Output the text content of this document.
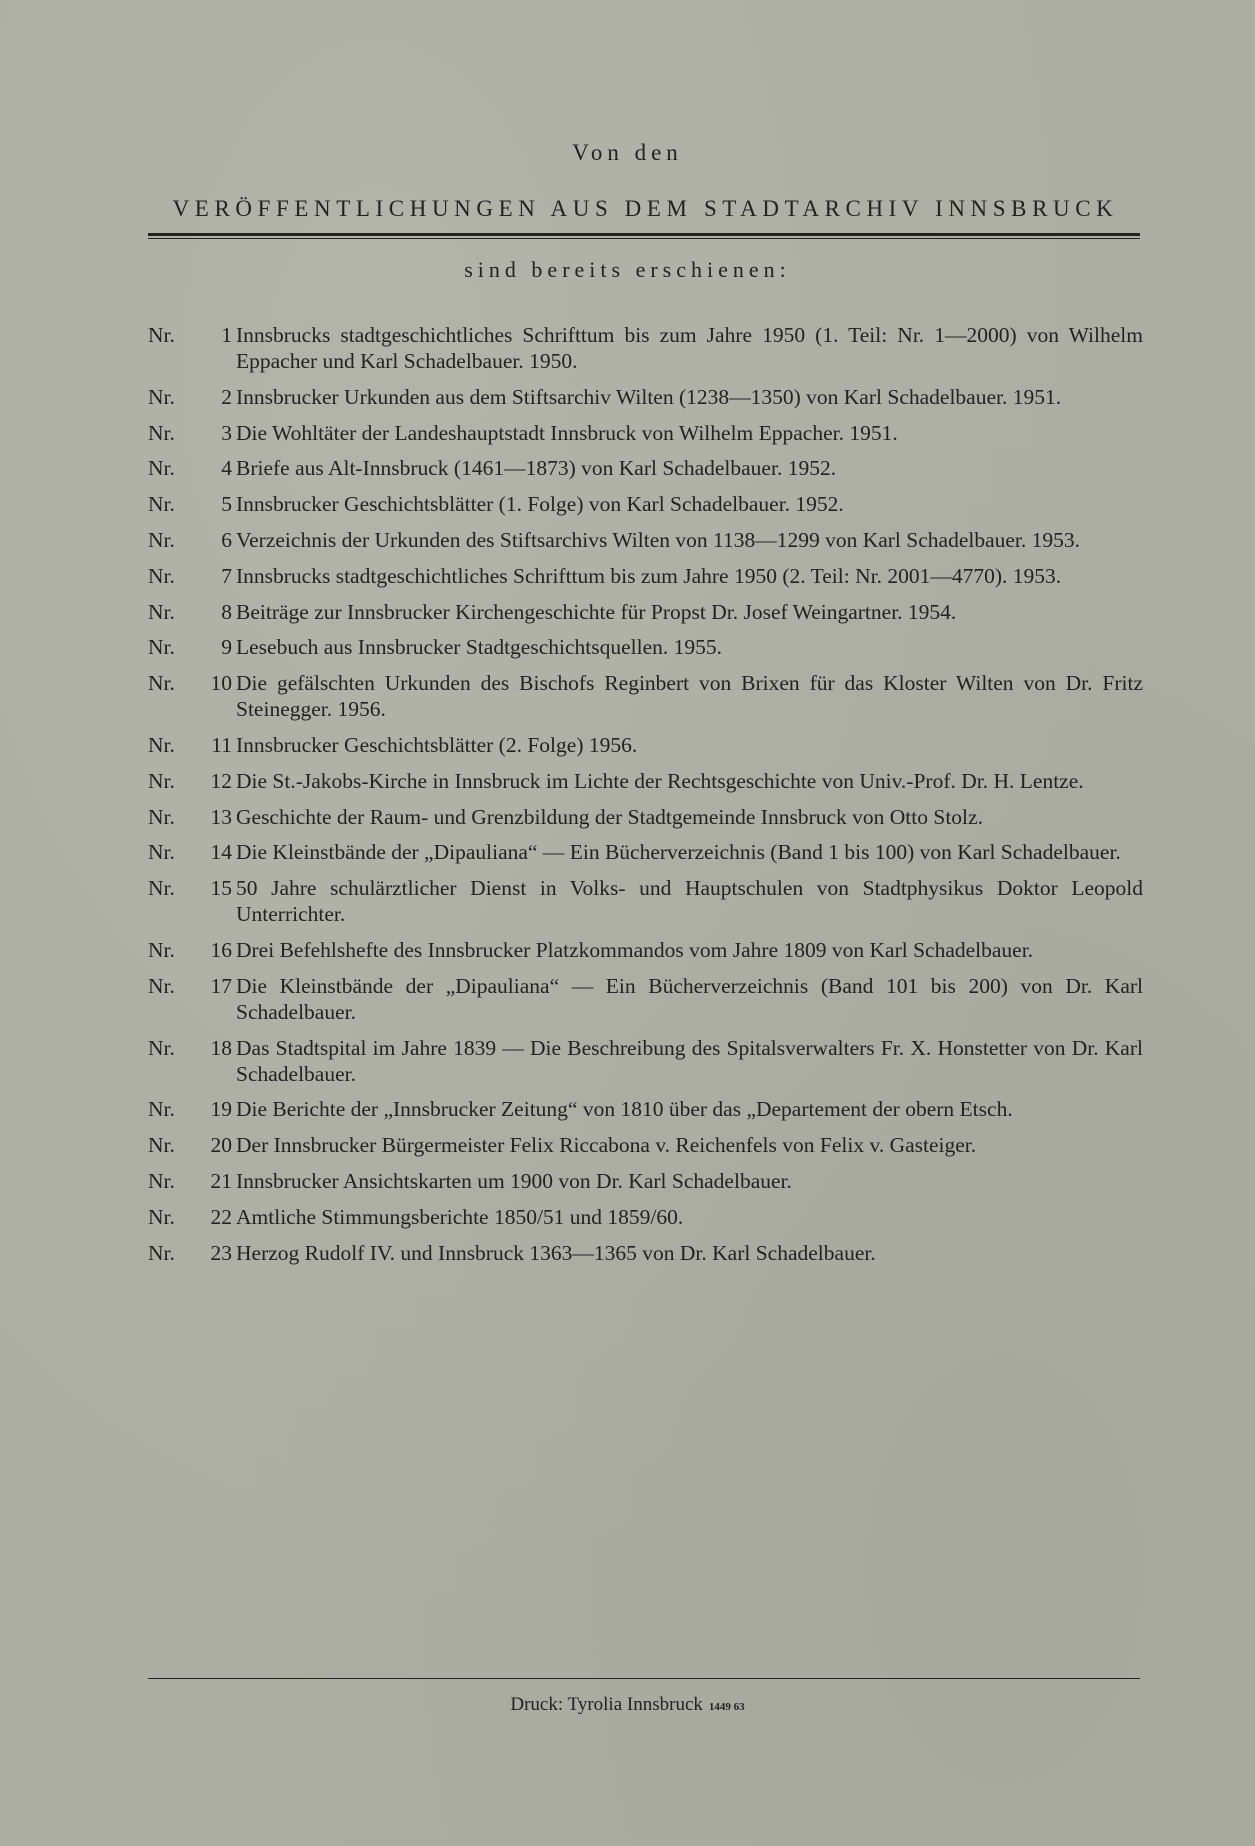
Von den
VERÖFFENTLICHUNGEN AUS DEM STADTARCHIV INNSBRUCK
sind bereits erschienen:
Nr. 1 Innsbrucks stadtgeschichtliches Schrifttum bis zum Jahre 1950 (1. Teil: Nr. 1—2000) von Wilhelm Eppacher und Karl Schadelbauer. 1950.
Nr. 2 Innsbrucker Urkunden aus dem Stiftsarchiv Wilten (1238—1350) von Karl Schadelbauer. 1951.
Nr. 3 Die Wohltäter der Landeshauptstadt Innsbruck von Wilhelm Eppacher. 1951.
Nr. 4 Briefe aus Alt-Innsbruck (1461—1873) von Karl Schadelbauer. 1952.
Nr. 5 Innsbrucker Geschichtsblätter (1. Folge) von Karl Schadelbauer. 1952.
Nr. 6 Verzeichnis der Urkunden des Stiftsarchivs Wilten von 1138—1299 von Karl Schadelbauer. 1953.
Nr. 7 Innsbrucks stadtgeschichtliches Schrifttum bis zum Jahre 1950 (2. Teil: Nr. 2001—4770). 1953.
Nr. 8 Beiträge zur Innsbrucker Kirchengeschichte für Propst Dr. Josef Weingartner. 1954.
Nr. 9 Lesebuch aus Innsbrucker Stadtgeschichtsquellen. 1955.
Nr. 10 Die gefälschten Urkunden des Bischofs Reginbert von Brixen für das Kloster Wilten von Dr. Fritz Steinegger. 1956.
Nr. 11 Innsbrucker Geschichtsblätter (2. Folge) 1956.
Nr. 12 Die St.-Jakobs-Kirche in Innsbruck im Lichte der Rechtsgeschichte von Univ.-Prof. Dr. H. Lentze.
Nr. 13 Geschichte der Raum- und Grenzbildung der Stadtgemeinde Innsbruck von Otto Stolz.
Nr. 14 Die Kleinstbände der „Dipauliana“ — Ein Bücherverzeichnis (Band 1 bis 100) von Karl Schadelbauer.
Nr. 15 50 Jahre schulärztlicher Dienst in Volks- und Hauptschulen von Stadtphysikus Doktor Leopold Unterrichter.
Nr. 16 Drei Befehlshefte des Innsbrucker Platzkommandos vom Jahre 1809 von Karl Schadelbauer.
Nr. 17 Die Kleinstbände der „Dipauliana“ — Ein Bücherverzeichnis (Band 101 bis 200) von Dr. Karl Schadelbauer.
Nr. 18 Das Stadtspital im Jahre 1839 — Die Beschreibung des Spitalsverwalters Fr. X. Honstetter von Dr. Karl Schadelbauer.
Nr. 19 Die Berichte der „Innsbrucker Zeitung“ von 1810 über das „Departement der obern Etsch.
Nr. 20 Der Innsbrucker Bürgermeister Felix Riccabona v. Reichenfels von Felix v. Gasteiger.
Nr. 21 Innsbrucker Ansichtskarten um 1900 von Dr. Karl Schadelbauer.
Nr. 22 Amtliche Stimmungsberichte 1850/51 und 1859/60.
Nr. 23 Herzog Rudolf IV. und Innsbruck 1363—1365 von Dr. Karl Schadelbauer.
Druck: Tyrolia Innsbruck 1449 63
